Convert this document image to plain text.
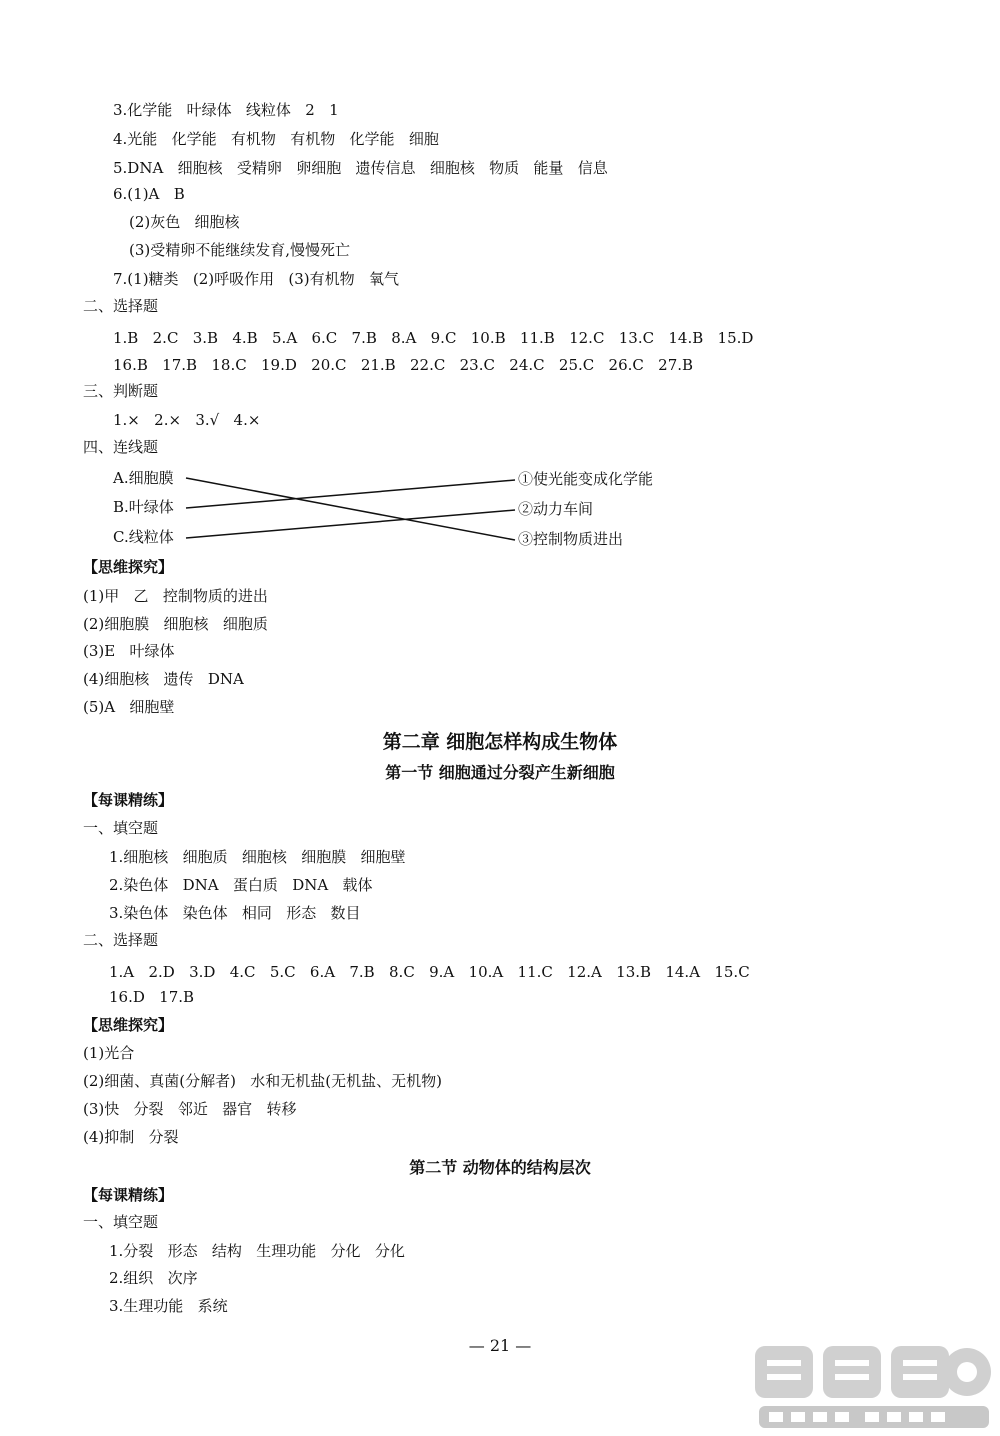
3.化学能   叶绿体   线粒体   2   1
4.光能   化学能   有机物   有机物   化学能   细胞
5.DNA   细胞核   受精卵   卵细胞   遗传信息   细胞核   物质   能量   信息
6.(1)A   B
(2)灰色   细胞核
(3)受精卵不能继续发育,慢慢死亡
7.(1)糖类   (2)呼吸作用   (3)有机物   氧气
二、选择题
1.B   2.C   3.B   4.B   5.A   6.C   7.B   8.A   9.C   10.B   11.B   12.C   13.C   14.B   15.D
16.B   17.B   18.C   19.D   20.C   21.B   22.C   23.C   24.C   25.C   26.C   27.B
三、判断题
1.×   2.×   3.√   4.×
四、连线题
A.细胞膜
B.叶绿体
C.线粒体
①使光能变成化学能
②动力车间
③控制物质进出
【思维探究】
(1)甲   乙   控制物质的进出
(2)细胞膜   细胞核   细胞质
(3)E   叶绿体
(4)细胞核   遗传   DNA
(5)A   细胞壁
第二章 细胞怎样构成生物体
第一节 细胞通过分裂产生新细胞
【每课精练】
一、填空题
1.细胞核   细胞质   细胞核   细胞膜   细胞壁
2.染色体   DNA   蛋白质   DNA   载体
3.染色体   染色体   相同   形态   数目
二、选择题
1.A   2.D   3.D   4.C   5.C   6.A   7.B   8.C   9.A   10.A   11.C   12.A   13.B   14.A   15.C
16.D   17.B
【思维探究】
(1)光合
(2)细菌、真菌(分解者)   水和无机盐(无机盐、无机物)
(3)快   分裂   邻近   器官   转移
(4)抑制   分裂
第二节 动物体的结构层次
【每课精练】
一、填空题
1.分裂   形态   结构   生理功能   分化   分化
2.组织   次序
3.生理功能   系统
— 21 —
